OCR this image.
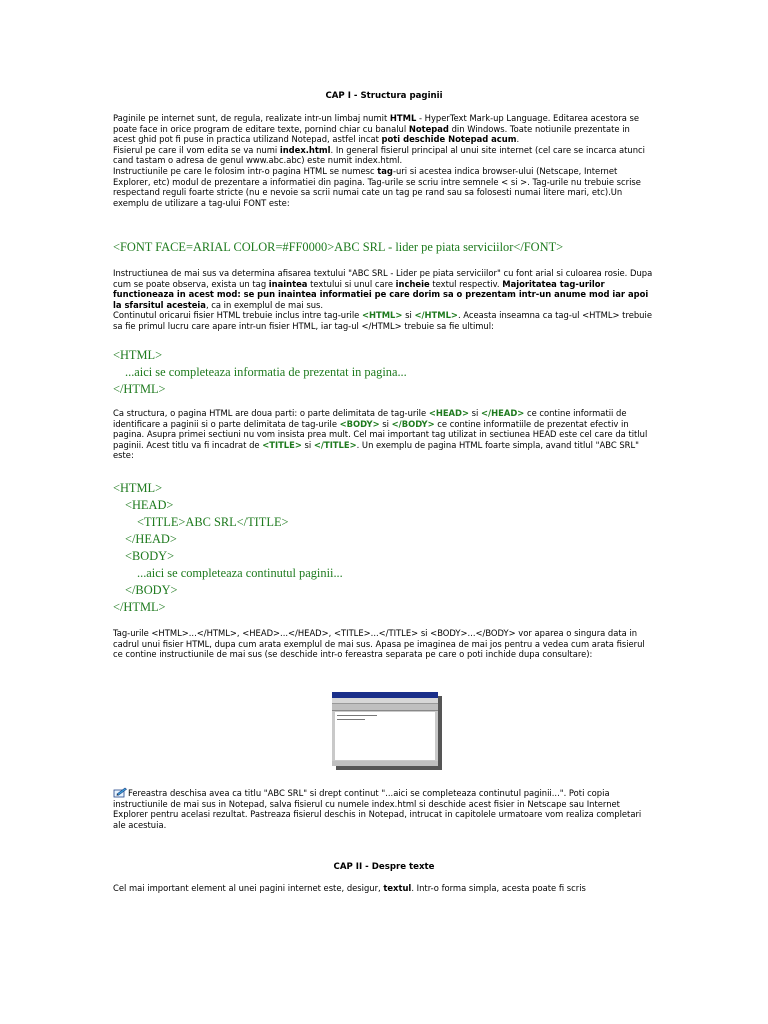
CAP I - Structura paginii

Paginile pe internet sunt, de regula, realizate intr-un limbaj numit HTML - HyperText Mark-up Language. Editarea acestora se poate face in orice program de editare texte, pornind chiar cu banalul Notepad din Windows. Toate notiunile prezentate in acest ghid pot fi puse in practica utilizand Notepad, astfel incat poti deschide Notepad acum.

Fisierul pe care il vom edita se va numi index.html. In general fisierul principal al unui site internet (cel care se incarca atunci cand tastam o adresa de genul www.abc.abc) este numit index.html.

Instructiunile pe care le folosim intr-o pagina HTML se numesc tag-uri si acestea indica browser-ului (Netscape, Internet Explorer, etc) modul de prezentare a informatiei din pagina. Tag-urile se scriu intre semnele < si >. Tag-urile nu trebuie scrise respectand reguli foarte stricte (nu e nevoie sa scrii numai cate un tag pe rand sau sa folosesti numai litere mari, etc).Un exemplu de utilizare a tag-ului FONT este:

<FONT FACE=ARIAL COLOR=#FF0000>ABC SRL - lider pe piata serviciilor</FONT>

Instructiunea de mai sus va determina afisarea textului "ABC SRL - Lider pe piata serviciilor" cu font arial si culoarea rosie. Dupa cum se poate observa, exista un tag inaintea textului si unul care incheie textul respectiv. Majoritatea tag-urilor functioneaza in acest mod: se pun inaintea informatiei pe care dorim sa o prezentam intr-un anume mod iar apoi la sfarsitul acesteia, ca in exemplul de mai sus.

Continutul oricarui fisier HTML trebuie inclus intre tag-urile <HTML> si </HTML>. Aceasta inseamna ca tag-ul <HTML> trebuie sa fie primul lucru care apare intr-un fisier HTML, iar tag-ul </HTML> trebuie sa fie ultimul:

<HTML>

...aici se completeaza informatia de prezentat in pagina...

</HTML>

Ca structura, o pagina HTML are doua parti: o parte delimitata de tag-urile <HEAD> si </HEAD> ce contine informatii de identificare a paginii si o parte delimitata de tag-urile <BODY> si </BODY> ce contine informatiile de prezentat efectiv in pagina. Asupra primei sectiuni nu vom insista prea mult. Cel mai important tag utilizat in sectiunea HEAD este cel care da titlul paginii. Acest titlu va fi incadrat de <TITLE> si </TITLE>. Un exemplu de pagina HTML foarte simpla, avand titlul "ABC SRL" este:

<HTML>

<HEAD>

<TITLE>ABC SRL</TITLE>

</HEAD>

<BODY>

...aici se completeaza continutul paginii...

</BODY>

</HTML>

Tag-urile <HTML>...</HTML>, <HEAD>...</HEAD>, <TITLE>...</TITLE> si <BODY>...</BODY> vor aparea o singura data in cadrul unui fisier HTML, dupa cum arata exemplul de mai sus. Apasa pe imaginea de mai jos pentru a vedea cum arata fisierul ce contine instructiunile de mai sus (se deschide intr-o fereastra separata pe care o poti inchide dupa consultare):

Fereastra deschisa avea ca titlu "ABC SRL" si drept continut "...aici se completeaza continutul paginii...". Poti copia instructiunile de mai sus in Notepad, salva fisierul cu numele index.html si deschide acest fisier in Netscape sau Internet Explorer pentru acelasi rezultat. Pastreaza fisierul deschis in Notepad, intrucat in capitolele urmatoare vom realiza completari ale acestuia.

CAP II - Despre texte

Cel mai important element al unei pagini internet este, desigur, textul. Intr-o forma simpla, acesta poate fi scris
